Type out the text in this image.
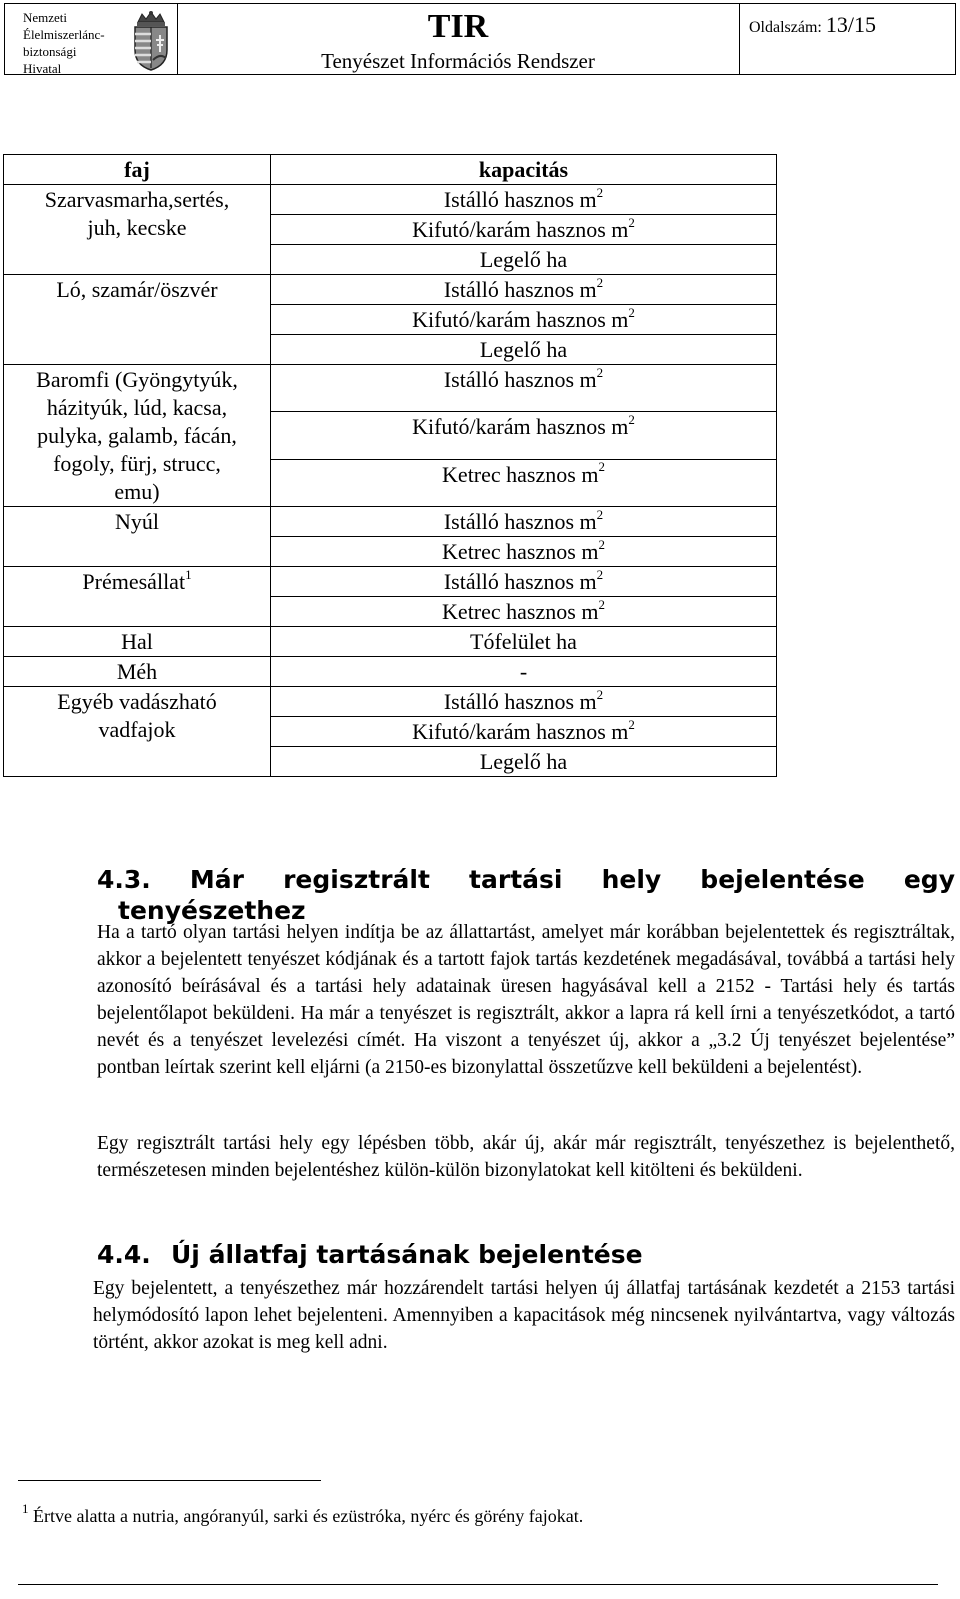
Nemzeti
Élelmiszerlánc-
biztonsági
Hivatal
TIR
Tenyészet Információs Rendszer
Oldalszám: 13/15
faj	kapacitás
Szarvasmarha,sertés,
juh, kecske	Istálló hasznos $m^2$
	Kifutó/karám hasznos $m^2$
	Legelő ha
Ló, szamár/öszvér	Istálló hasznos $m^2$
	Kifutó/karám hasznos $m^2$
	Legelő ha
Baromfi (Gyöngytyúk,
házityúk, lúd, kacsa,
pulyka, galamb, fácán,
fogoly, fürj, strucc,
emu)	Istálló hasznos $m^2$
	Kifutó/karám hasznos $m^2$
	Ketrec hasznos $m^2$
Nyúl	Istálló hasznos $m^2$
	Ketrec hasznos $m^2$
Prémesállat$^1$	Istálló hasznos $m^2$
	Ketrec hasznos $m^2$
Hal	Tófelület ha
Méh	-
Egyéb vadászható
vadfajok	Istálló hasznos $m^2$
	Kifutó/karám hasznos $m^2$
	Legelő ha
4.3. Már regisztrált tartási hely bejelentése egy
tenyészethez
Ha a tartó olyan tartási helyen indítja be az állattartást, amelyet már korábban bejelentettek és regisztráltak, akkor a bejelentett tenyészet kódjának és a tartott fajok tartás kezdetének megadásával, továbbá a tartási hely azonosító beírásával és a tartási hely adatainak üresen hagyásával kell a 2152 - Tartási hely és tartás bejelentőlapot beküldeni. Ha már a tenyészet is regisztrált, akkor a lapra rá kell írni a tenyészetkódot, a tartó nevét és a tenyészet levelezési címét. Ha viszont a tenyészet új, akkor a „3.2 Új tenyészet bejelentése” pontban leírtak szerint kell eljárni (a 2150-es bizonylattal összetűzve kell beküldeni a bejelentést).
Egy regisztrált tartási hely egy lépésben több, akár új, akár már regisztrált, tenyészethez is bejelenthető, természetesen minden bejelentéshez külön-külön bizonylatokat kell kitölteni és beküldeni.
4.4. Új állatfaj tartásának bejelentése
Egy bejelentett, a tenyészethez már hozzárendelt tartási helyen új állatfaj tartásának kezdetét a 2153 tartási helymódosító lapon lehet bejelenteni. Amennyiben a kapacitások még nincsenek nyilvántartva, vagy változás történt, akkor azokat is meg kell adni.
$^1$ Értve alatta a nutria, angóranyúl, sarki és ezüstróka, nyérc és görény fajokat.
